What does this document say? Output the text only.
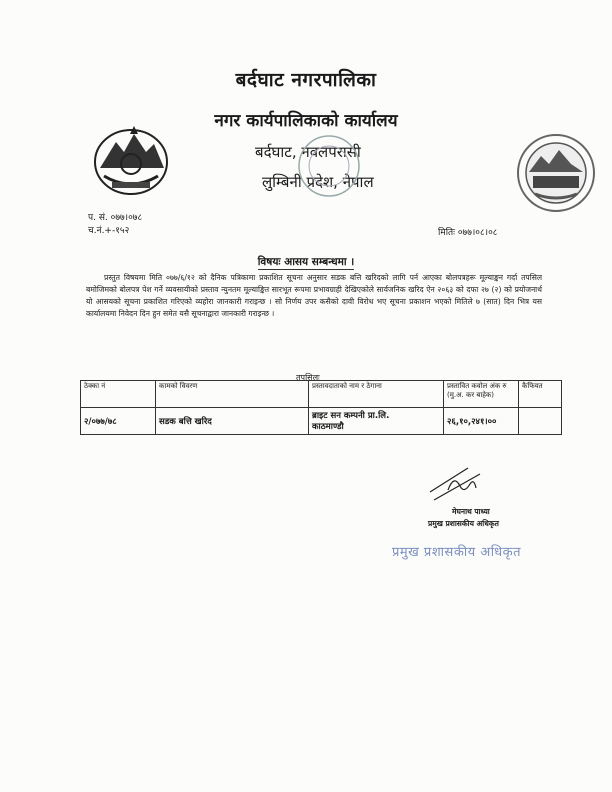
बर्दघाट नगरपालिका
नगर कार्यपालिकाको कार्यालय
बर्दघाट, नवलपरासी
लुम्बिनी प्रदेश, नेपाल
प. सं. ०७७।०७८
च.नं.+-१५२	मितिः ०७७।०८।०८
विषयः आसय सम्बन्धमा ।
प्रस्तुत विषयमा मिति ०७७/६/१२ को दैनिक पत्रिकामा प्रकाशित सूचना अनुसार सडक बत्ति खरिदको लागि पर्न आएका बोलपत्रहरू मूल्याङ्कन गर्दा तपसिल बमोजिमको बोलपत्र पेश गर्ने व्यवसायीको प्रस्ताव न्युनतम मूल्याङ्कित सारभूत रूपमा प्रभावग्राही देखिएकोले सार्वजनिक खरिद ऐन २०६३ को दफा २७ (२) को प्रयोजनार्थ यो आसयको सूचना प्रकाशित गरिएको व्यहोरा जानकारी गराइन्छ । सो निर्णय उपर कसैको दावी विरोध भए सूचना प्रकाशन भएको मितिले ७ (सात) दिन भित्र यस कार्यालयमा निवेदन दिन हुन समेत यसै सूचनाद्वारा जानकारी गराइन्छ ।
तपसिलः
ठेक्का नं	कामको विवरण	प्रस्तावदाताको नाम र ठेगाना	प्रस्तावित कवोल अंक रु (मु.अ. कर बाहेक)	कैफियत
२/०७७/७८	सडक बत्ति खरिद	ब्राइट सन कम्पनी प्रा.लि.
काठमाण्डौ	२६,१०,२४१।००	
मेघनाथ पाध्या
प्रमुख प्रशासकीय अधिकृत
प्रमुख प्रशासकीय अधिकृत
